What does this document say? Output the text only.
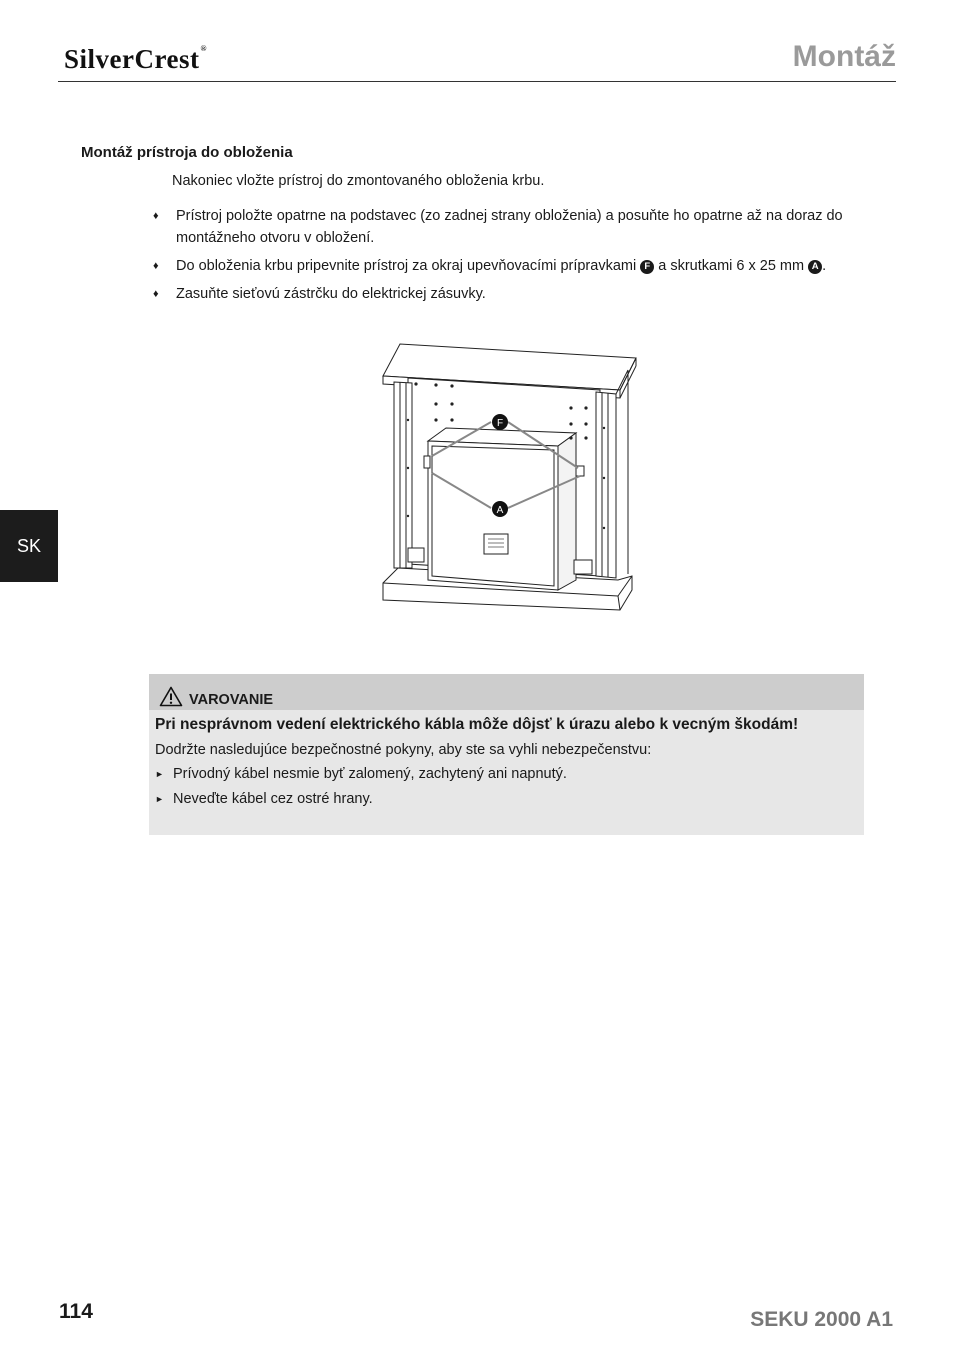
SilverCrest®	Montáž
Montáž prístroja do obloženia
Nakoniec vložte prístroj do zmontovaného obloženia krbu.
♦	Prístroj položte opatrne na podstavec (zo zadnej strany obloženia) a posuňte ho opatrne až na doraz do montážneho otvoru v obložení.
♦	Do obloženia krbu pripevnite prístroj za okraj upevňovacími prípravkami F a skrutkami 6 x 25 mm A .
♦	Zasuňte sieťovú zástrčku do elektrickej zásuvky.
F
A
SK
VAROVANIE
Pri nesprávnom vedení elektrického kábla môže dôjsť k úrazu alebo k vecným škodám!
Dodržte nasledujúce bezpečnostné pokyny, aby ste sa vyhli nebezpečenstvu:
► Prívodný kábel nesmie byť zalomený, zachytený ani napnutý.
► Neveďte kábel cez ostré hrany.
114	SEKU 2000 A1
